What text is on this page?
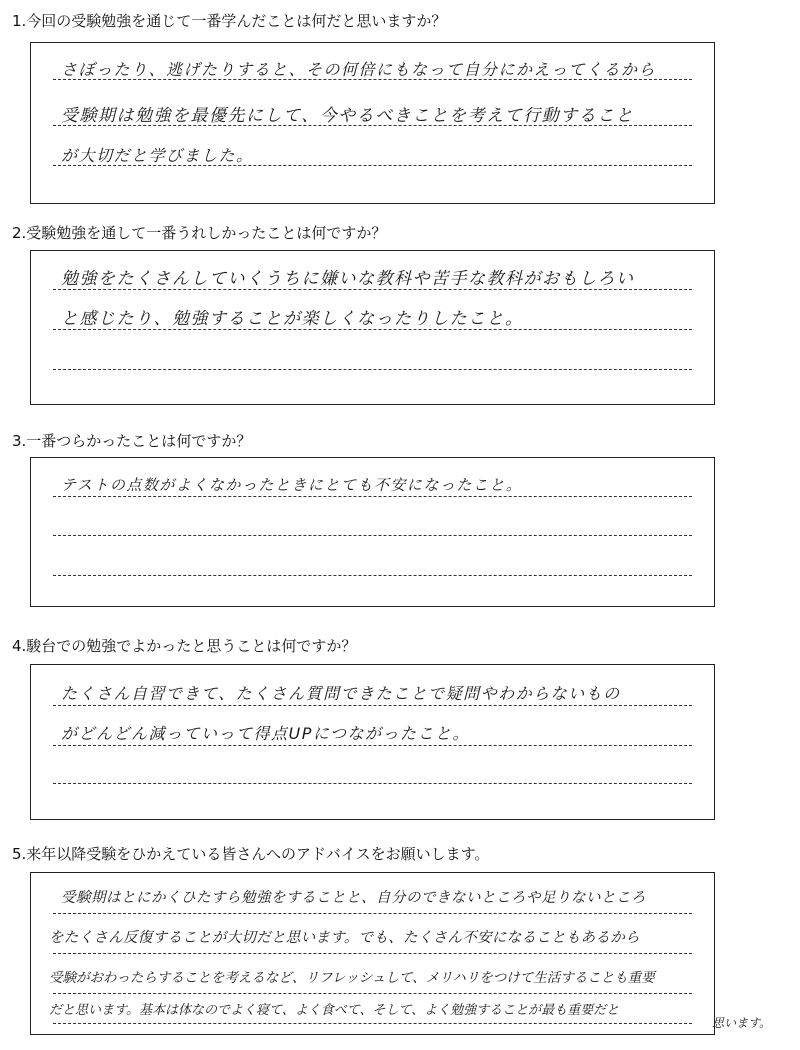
1.今回の受験勉強を通じて一番学んだことは何だと思いますか？
さぼったり、逃げたりすると、その何倍にもなって自分にかえってくるから
受験期は勉強を最優先にして、今やるべきことを考えて行動すること
が大切だと学びました。
2.受験勉強を通して一番うれしかったことは何ですか？
勉強をたくさんしていくうちに嫌いな教科や苦手な教科がおもしろい
と感じたり、勉強することが楽しくなったりしたこと。
3.一番つらかったことは何ですか？
テストの点数がよくなかったときにとても不安になったこと。
4.駿台での勉強でよかったと思うことは何ですか？
たくさん自習できて、たくさん質問できたことで疑問やわからないもの
がどんどん減っていって得点UPにつながったこと。
5.来年以降受験をひかえている皆さんへのアドバイスをお願いします。
受験期はとにかくひたすら勉強をすることと、自分のできないところや足りないところ
をたくさん反復することが大切だと思います。でも、たくさん不安になることもあるから
受験がおわったらすることを考えるなど、リフレッシュして、メリハリをつけて生活することも重要
だと思います。基本は体なのでよく寝て、よく食べて、そして、よく勉強することが最も重要だと
思います。
